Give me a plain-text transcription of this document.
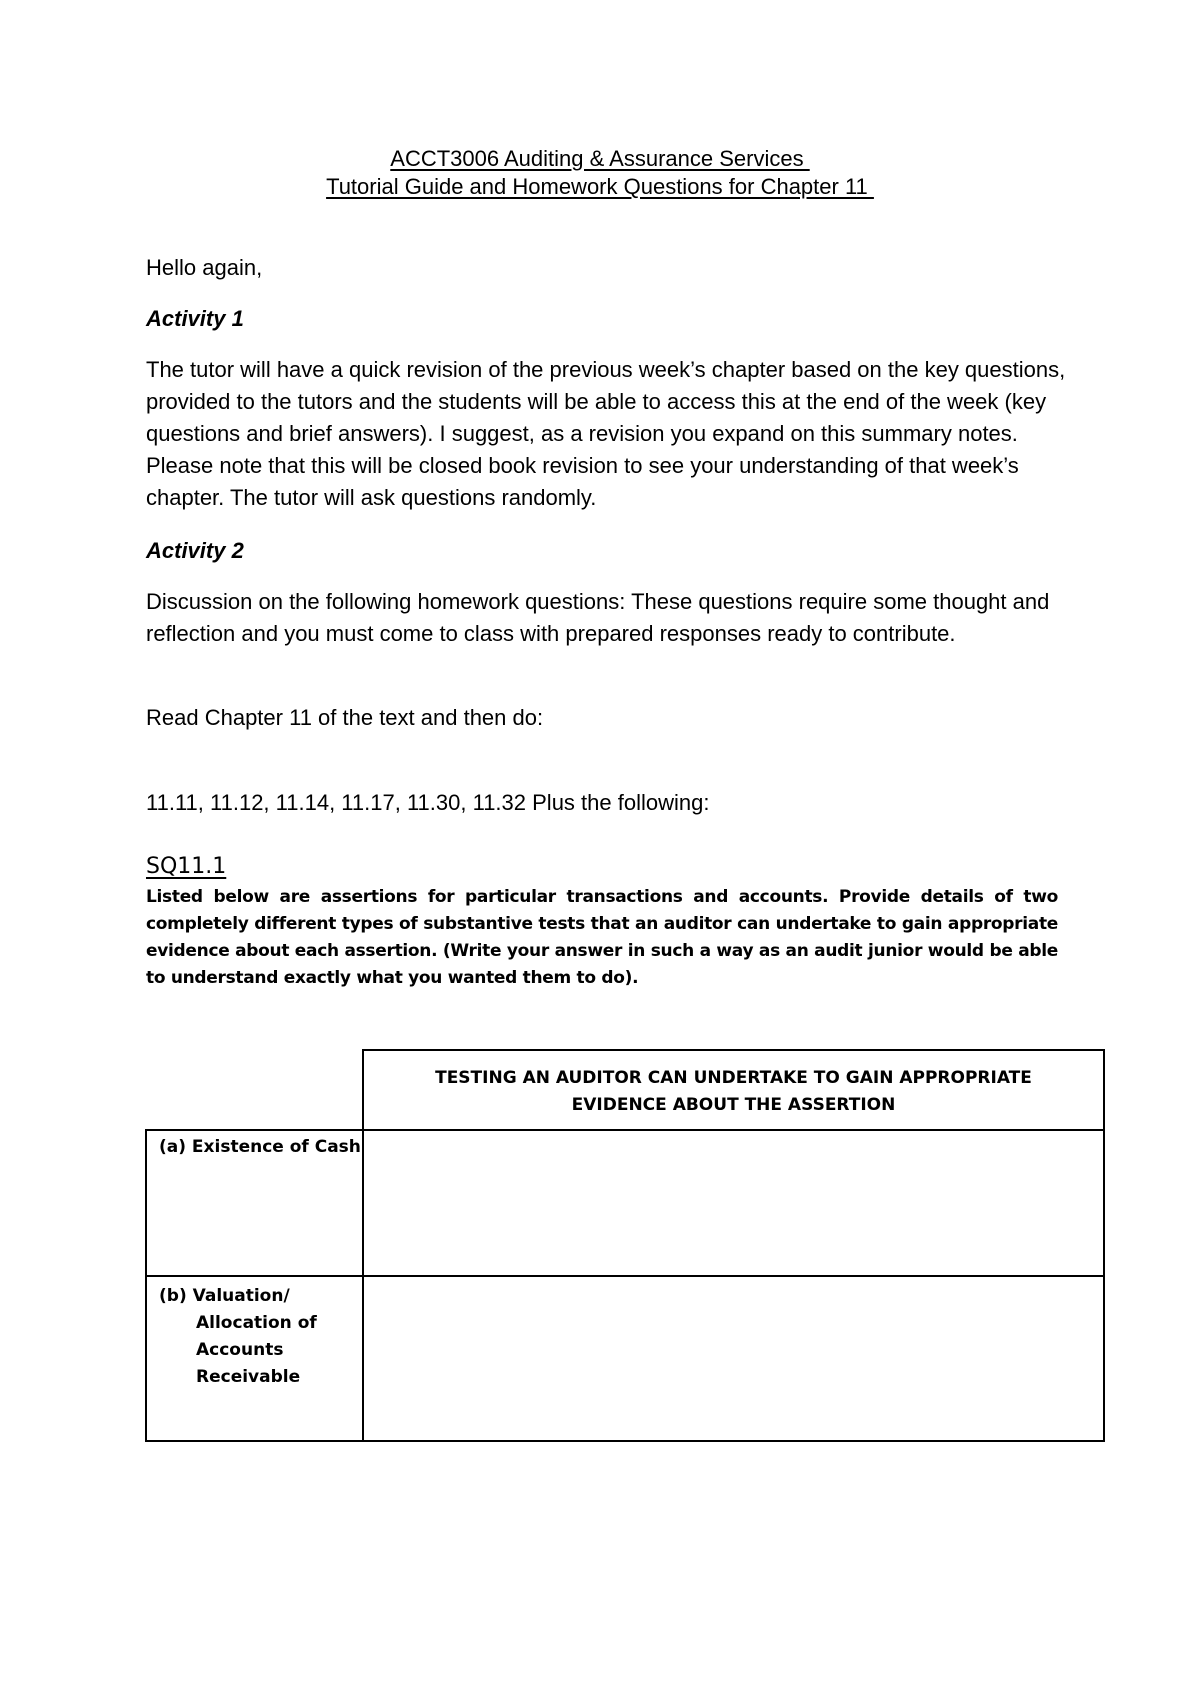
ACCT3006 Auditing & Assurance Services
Tutorial Guide and Homework Questions for Chapter 11
Hello again,
Activity 1
The tutor will have a quick revision of the previous week’s chapter based on the key questions, provided to the tutors and the students will be able to access this at the end of the week (key questions and brief answers). I suggest, as a revision you expand on this summary notes. Please note that this will be closed book revision to see your understanding of that week’s chapter. The tutor will ask questions randomly.
Activity 2
Discussion on the following homework questions: These questions require some thought and reflection and you must come to class with prepared responses ready to contribute.
Read Chapter 11 of the text and then do:
11.11, 11.12, 11.14, 11.17, 11.30, 11.32 Plus the following:
SQ11.1
Listed below are assertions for particular transactions and accounts. Provide details of two completely different types of substantive tests that an auditor can undertake to gain appropriate evidence about each assertion. (Write your answer in such a way as an audit junior would be able to understand exactly what you wanted them to do).
TESTING AN AUDITOR CAN UNDERTAKE TO GAIN APPROPRIATE
EVIDENCE ABOUT THE ASSERTION
(a) Existence of Cash
(b) Valuation/
Allocation of
Accounts
Receivable
